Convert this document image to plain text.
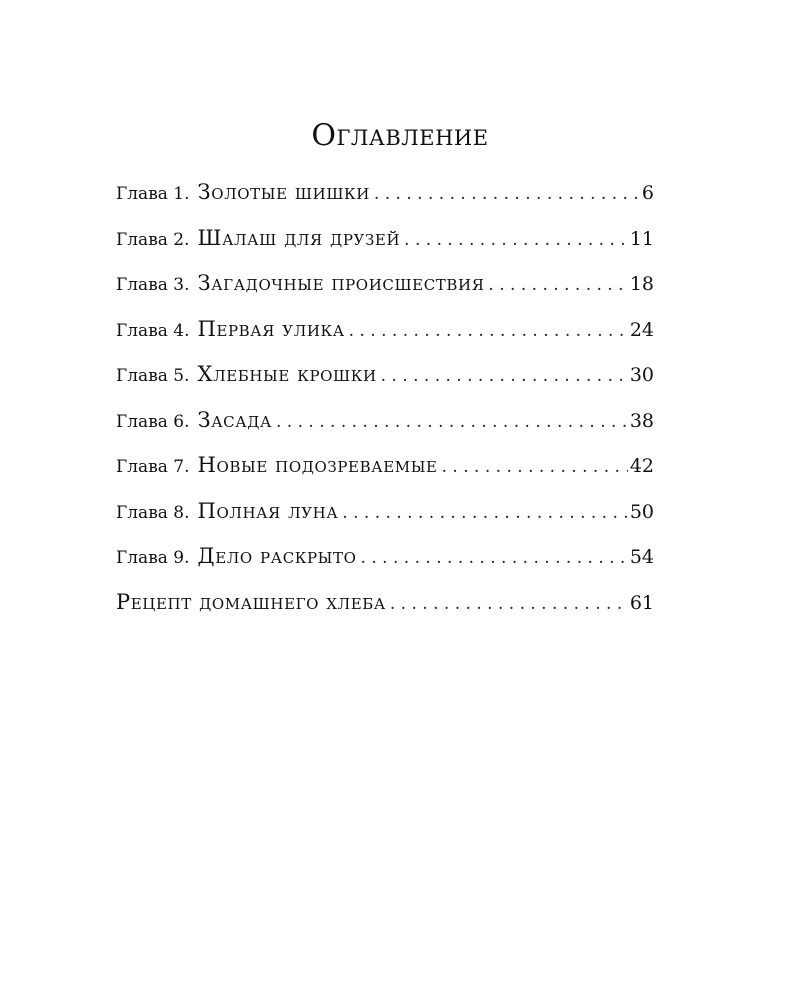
Оглавление
Глава 1. Золотые шишки . . .	6
Глава 2. Шалаш для друзей . . .	11
Глава 3. Загадочные происшествия . . .	18
Глава 4. Первая улика . . .	24
Глава 5. Хлебные крошки . . .	30
Глава 6. Засада . . .	38
Глава 7. Новые подозреваемые . . .	42
Глава 8. Полная луна . . .	50
Глава 9. Дело раскрыто . . .	54
Рецепт домашнего хлеба . . .	61
